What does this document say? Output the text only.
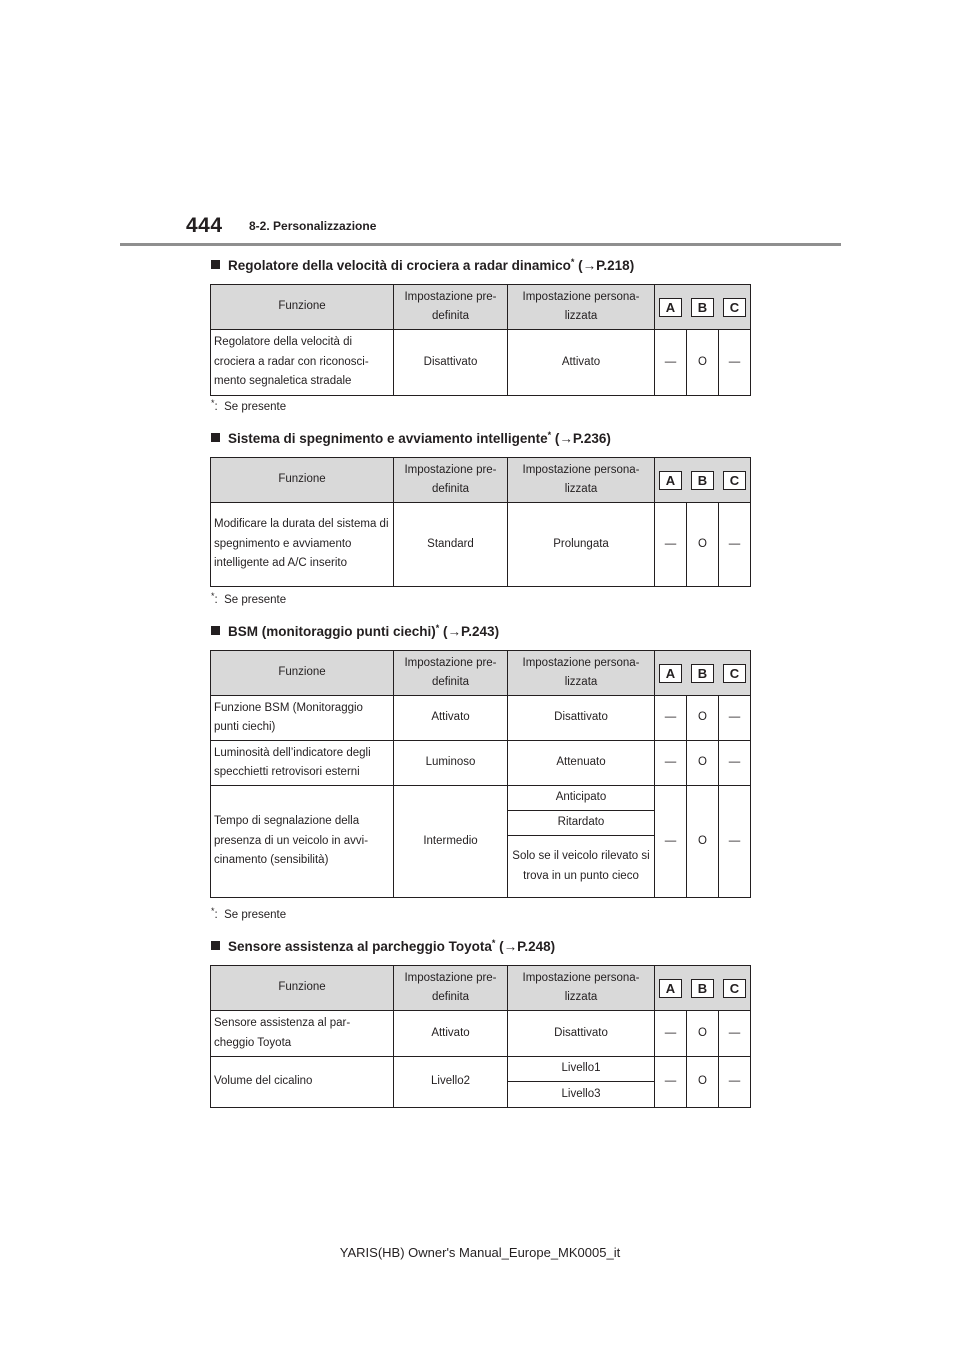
444 8-2. Personalizzazione
Regolatore della velocità di crociera a radar dinamico* (→P.218)
Funzione	Impostazione pre-definita	Impostazione persona-lizzata	A B C		

Regolatore della velocità di crociera a radar con riconosci-mento segnaletica stradale	Disattivato	Attivato	—	O	—
*:  Se presente
Sistema di spegnimento e avviamento intelligente* (→P.236)
Funzione	Impostazione pre-definita	Impostazione persona-lizzata	A B C		

Modificare la durata del sistema di spegnimento e avviamento intelligente ad A/C inserito	Standard	Prolungata	—	O	—
*:  Se presente
BSM (monitoraggio punti ciechi)* (→P.243)
Funzione	Impostazione pre-definita	Impostazione persona-lizzata	A B C		

Funzione BSM (Monitoraggio punti ciechi)	Attivato	Disattivato	—	O	—
Luminosità dell’indicatore degli specchietti retrovisori esterni	Luminoso	Attenuato	—	O	—
Tempo di segnalazione della presenza di un veicolo in avvi-cinamento (sensibilità)	Intermedio	Anticipato	—	O	—
		Ritardato			
		Solo se il veicolo rilevato si trova in un punto cieco			
*:  Se presente
Sensore assistenza al parcheggio Toyota* (→P.248)
Funzione	Impostazione pre-definita	Impostazione persona-lizzata	A B C		

Sensore assistenza al par-cheggio Toyota	Attivato	Disattivato	—	O	—
Volume del cicalino	Livello2	Livello1	—	O	—
		Livello3			
YARIS(HB) Owner's Manual_Europe_MK0005_it
